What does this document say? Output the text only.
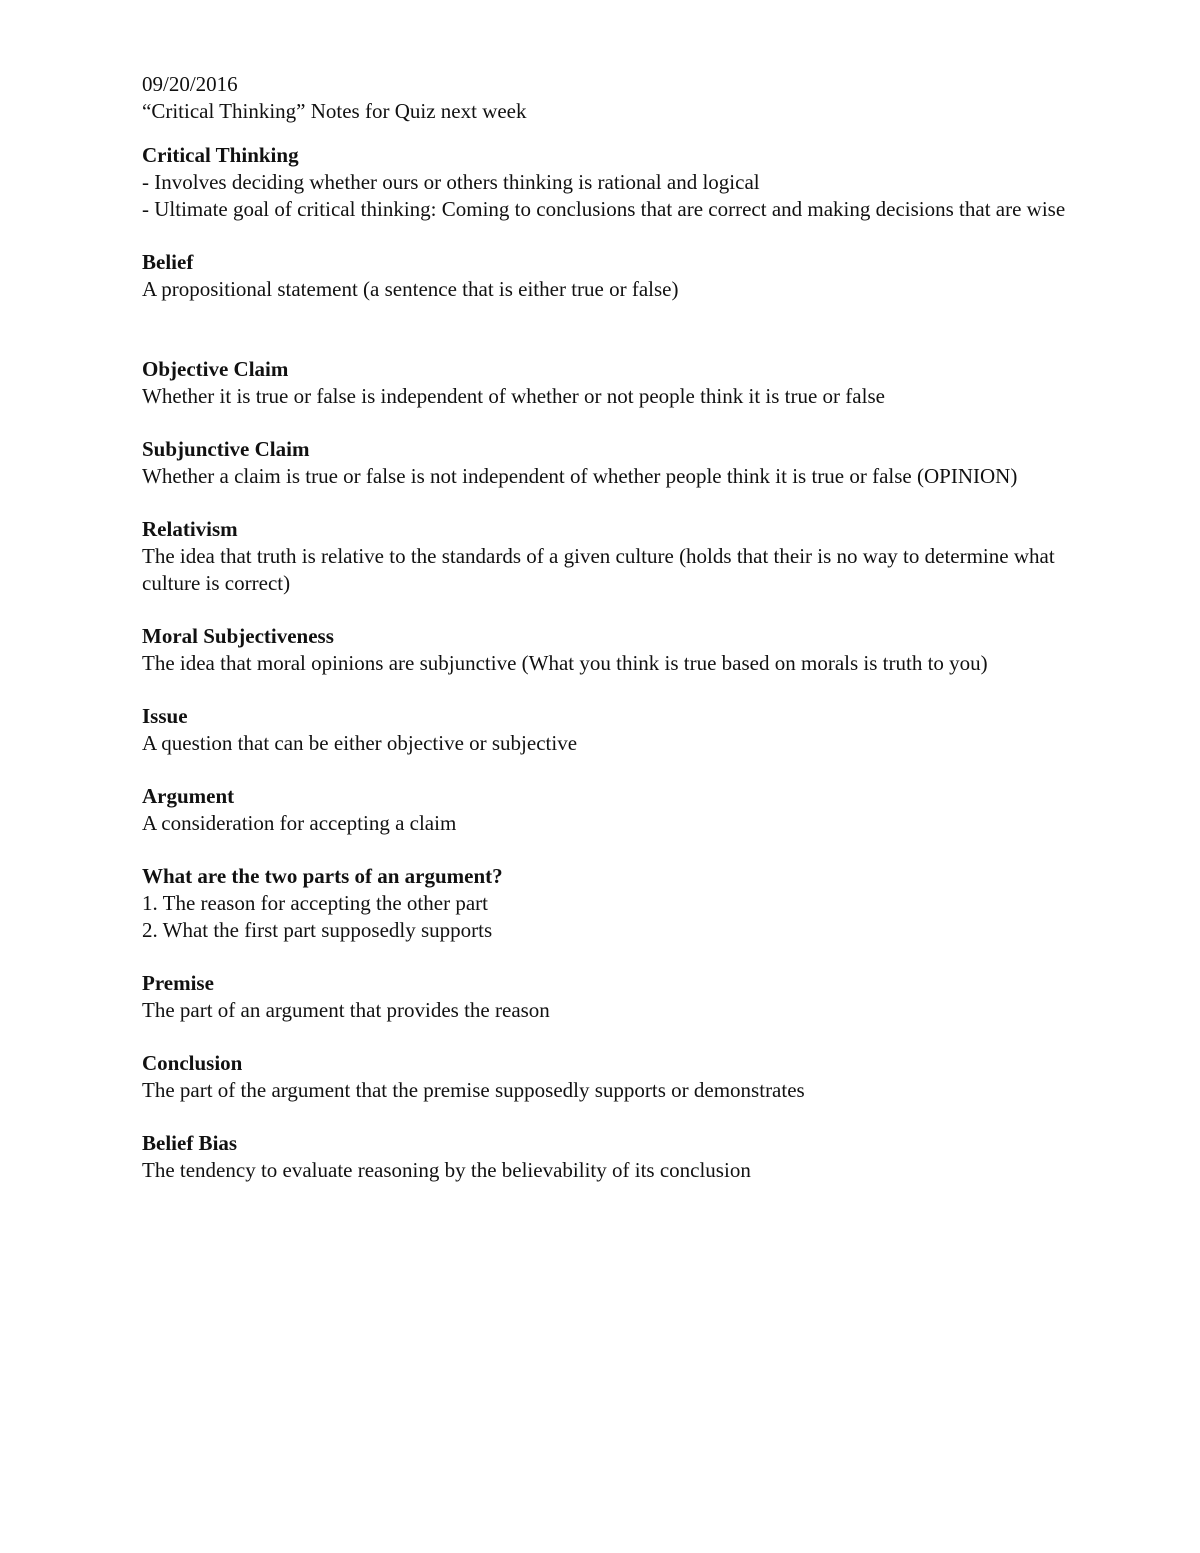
09/20/2016
“Critical Thinking” Notes for Quiz next week
Critical Thinking
- Involves deciding whether ours or others thinking is rational and logical
- Ultimate goal of critical thinking: Coming to conclusions that are correct and making decisions that are wise
Belief
A propositional statement (a sentence that is either true or false)
Objective Claim
Whether it is true or false is independent of whether or not people think it is true or false
Subjunctive Claim
Whether a claim is true or false is not independent of whether people think it is true or false (OPINION)
Relativism
The idea that truth is relative to the standards of a given culture (holds that their is no way to determine what culture is correct)
Moral Subjectiveness
The idea that moral opinions are subjunctive (What you think is true based on morals is truth to you)
Issue
A question that can be either objective or subjective
Argument
A consideration for accepting a claim
What are the two parts of an argument?
1. The reason for accepting the other part
2. What the first part supposedly supports
Premise
The part of an argument that provides the reason
Conclusion
The part of the argument that the premise supposedly supports or demonstrates
Belief Bias
The tendency to evaluate reasoning by the believability of its conclusion
